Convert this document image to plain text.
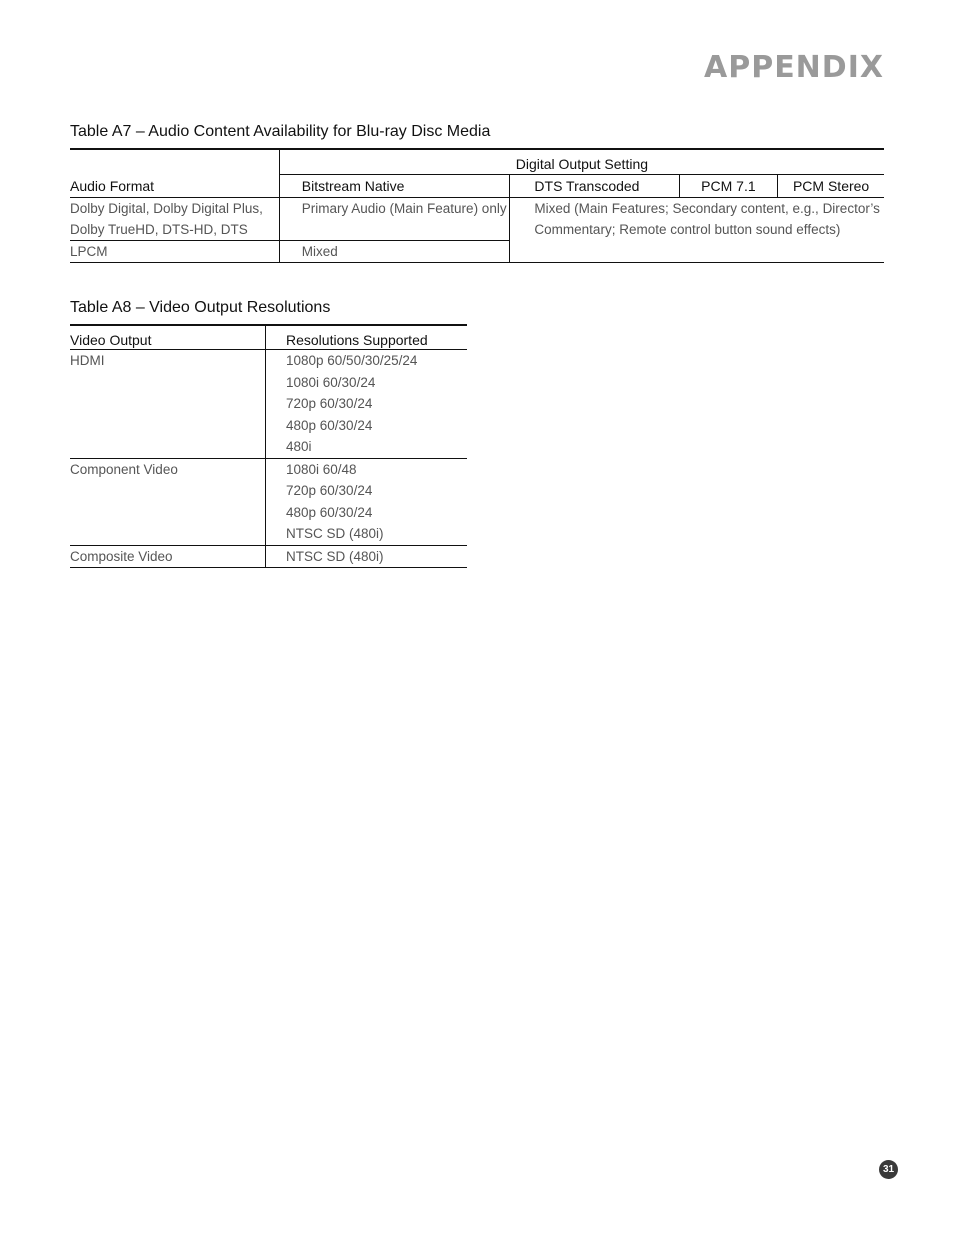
APPENDIX
Table A7 – Audio Content Availability for Blu-ray Disc Media
	Digital Output Setting			
Audio Format	Bitstream Native	DTS Transcoded	PCM 7.1	PCM Stereo

Dolby Digital, Dolby Digital Plus,
Dolby TrueHD, DTS-HD, DTS	Primary Audio (Main Feature) only	Mixed (Main Features; Secondary content, e.g., Director’s
Commentary; Remote control button sound effects)		

LPCM	Mixed			
Table A8 – Video Output Resolutions
Video Output	Resolutions Supported
HDMI	1080p 60/50/30/25/24
1080i 60/30/24
720p 60/30/24
480p 60/30/24
480i

Component Video	1080i 60/48
720p 60/30/24
480p 60/30/24
NTSC SD (480i)

Composite Video	NTSC SD (480i)
31
